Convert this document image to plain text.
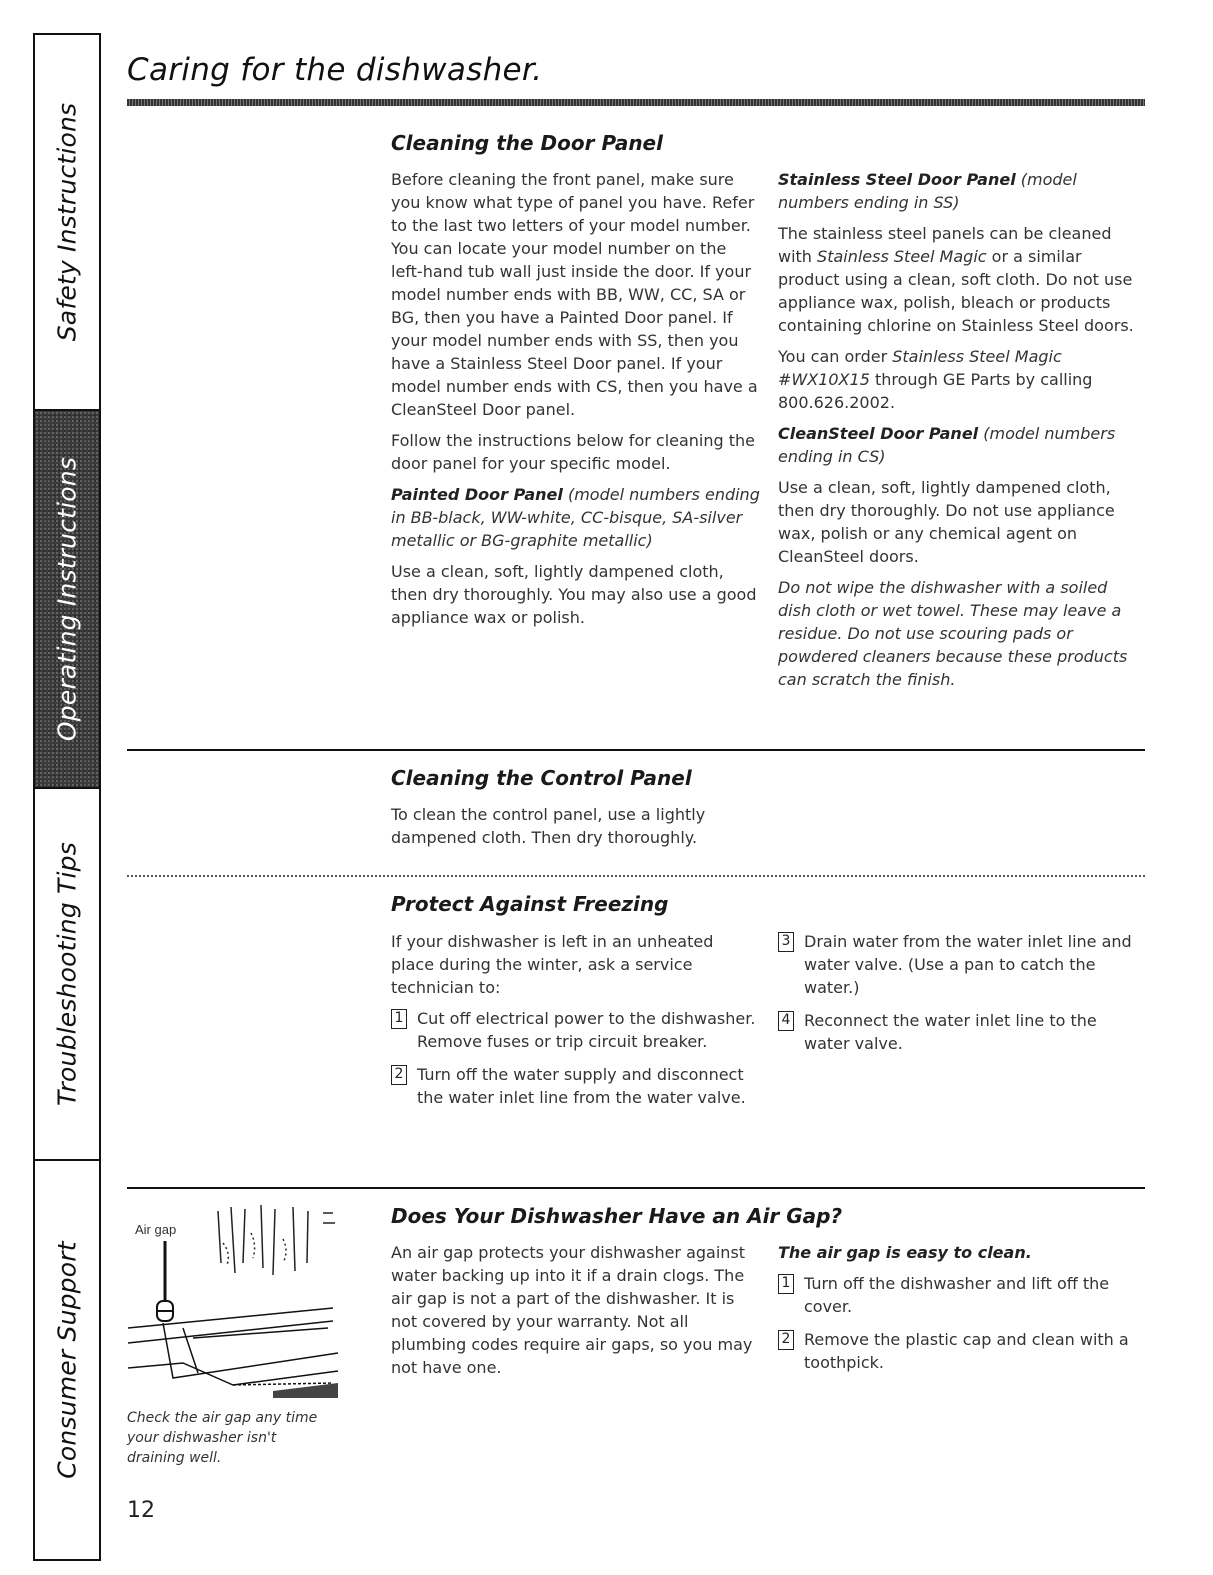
Safety Instructions
Operating Instructions
Troubleshooting Tips
Consumer Support
Caring for the dishwasher.
Cleaning the Door Panel

Before cleaning the front panel, make sure you know what type of panel you have. Refer to the last two letters of your model number. You can locate your model number on the left-hand tub wall just inside the door. If your model number ends with BB, WW, CC, SA or BG, then you have a Painted Door panel. If your model number ends with SS, then you have a Stainless Steel Door panel. If your model number ends with CS, then you have a CleanSteel Door panel.

Follow the instructions below for cleaning the door panel for your specific model.

Painted Door Panel (model numbers ending in BB-black, WW-white, CC-bisque, SA-silver metallic or BG-graphite metallic)

Use a clean, soft, lightly dampened cloth, then dry thoroughly. You may also use a good appliance wax or polish.

Stainless Steel Door Panel (model numbers ending in SS)

The stainless steel panels can be cleaned with Stainless Steel Magic or a similar product using a clean, soft cloth. Do not use appliance wax, polish, bleach or products containing chlorine on Stainless Steel doors.

You can order Stainless Steel Magic #WX10X15 through GE Parts by calling 800.626.2002.

CleanSteel Door Panel (model numbers ending in CS)

Use a clean, soft, lightly dampened cloth, then dry thoroughly. Do not use appliance wax, polish or any chemical agent on CleanSteel doors.

Do not wipe the dishwasher with a soiled dish cloth or wet towel. These may leave a residue. Do not use scouring pads or powdered cleaners because these products can scratch the finish.

Cleaning the Control Panel

To clean the control panel, use a lightly dampened cloth. Then dry thoroughly.

Protect Against Freezing

If your dishwasher is left in an unheated place during the winter, ask a service technician to:

1 Cut off electrical power to the dishwasher. Remove fuses or trip circuit breaker.
2 Turn off the water supply and disconnect the water inlet line from the water valve.
3 Drain water from the water inlet line and water valve. (Use a pan to catch the water.)
4 Reconnect the water inlet line to the water valve.
Air gap
Check the air gap any time your dishwasher isn't draining well.
Does Your Dishwasher Have an Air Gap?

An air gap protects your dishwasher against water backing up into it if a drain clogs. The air gap is not a part of the dishwasher. It is not covered by your warranty. Not all plumbing codes require air gaps, so you may not have one.

The air gap is easy to clean.

1 Turn off the dishwasher and lift off the cover.
2 Remove the plastic cap and clean with a toothpick.
12
